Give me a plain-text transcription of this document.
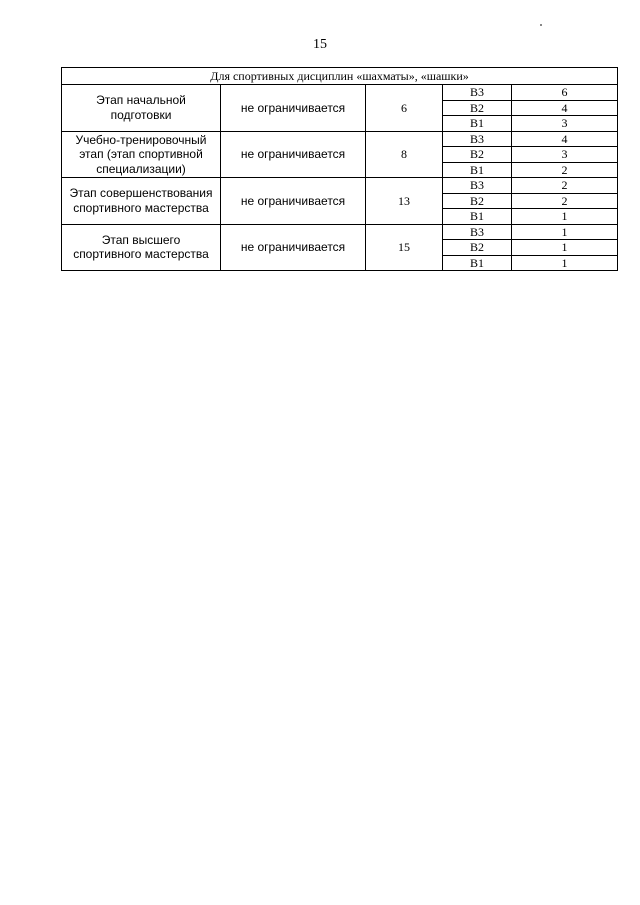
15
Для спортивных дисциплин «шахматы», «шашки»				

Этап начальной
подготовки	не ограничивается	6	В3	6
			В2	4
			В1	3

Учебно-тренировочный
этап (этап спортивной
специализации)	не ограничивается	8	В3	4
			В2	3
			В1	2

Этап совершенствования
спортивного мастерства	не ограничивается	13	В3	2
			В2	2
			В1	1

Этап высшего
спортивного мастерства	не ограничивается	15	В3	1
			В2	1
			В1	1
